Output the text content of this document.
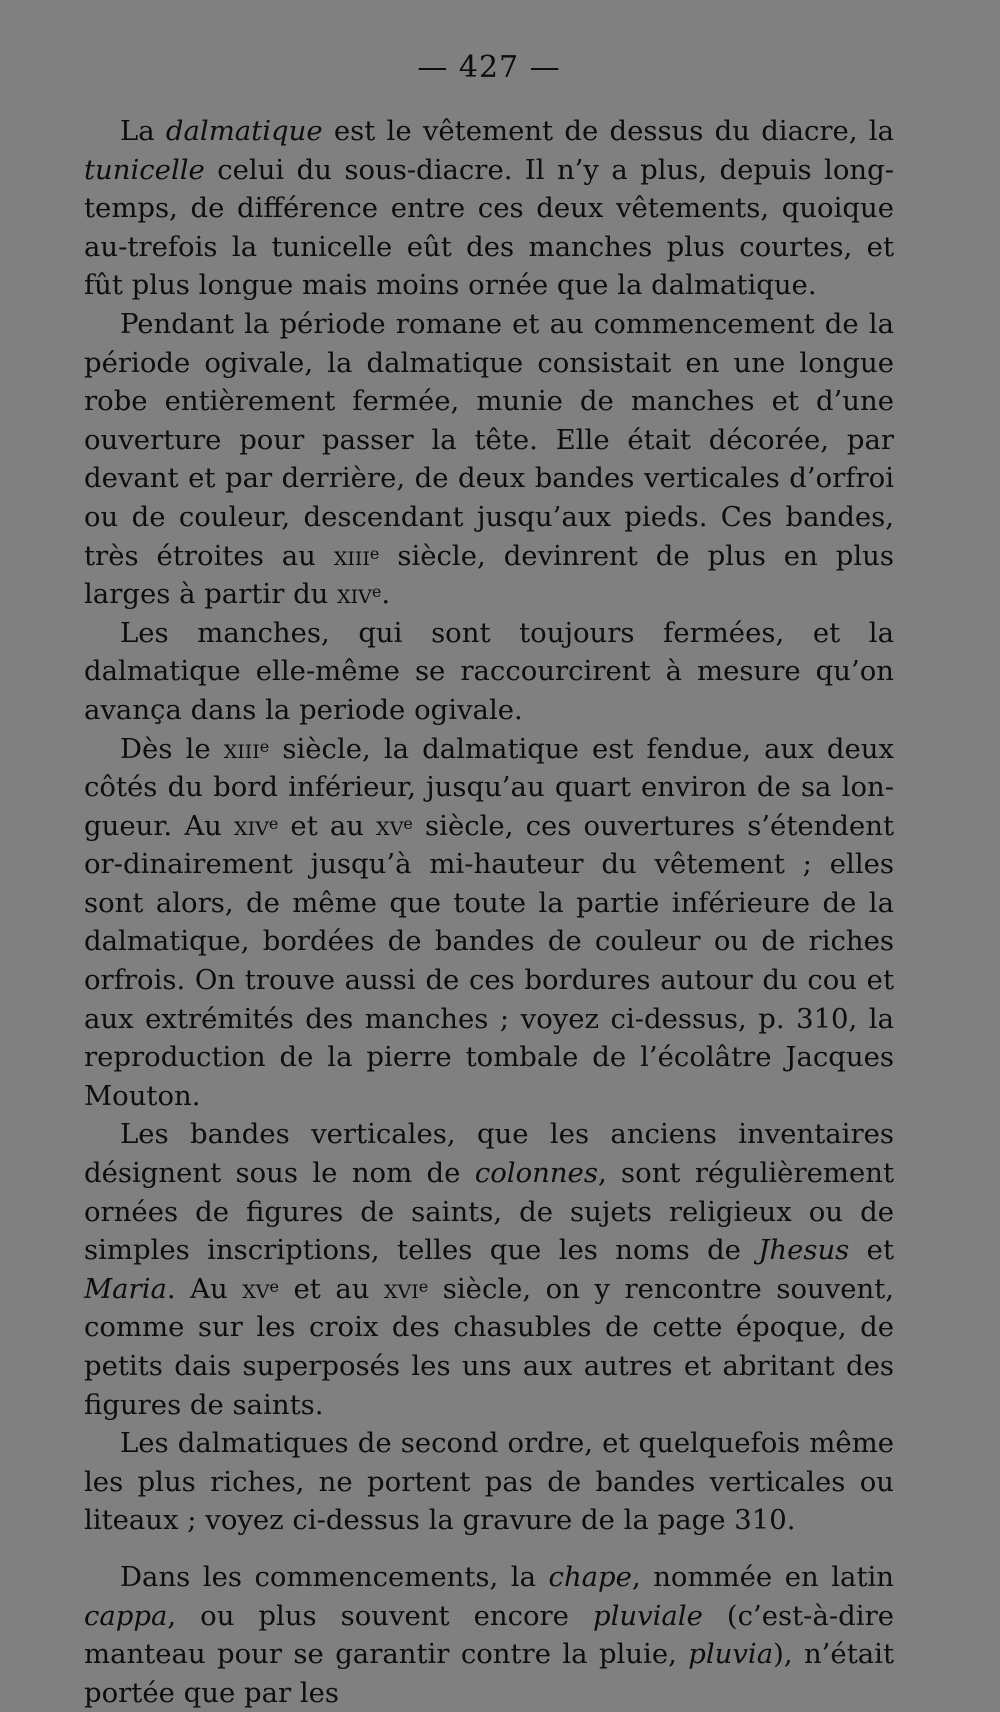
— 427 —

La dalmatique est le vêtement de dessus du diacre, la tunicelle celui du sous-diacre. Il n’y a plus, depuis long-temps, de différence entre ces deux vêtements, quoique au-trefois la tunicelle eût des manches plus courtes, et fût plus longue mais moins ornée que la dalmatique.

Pendant la période romane et au commencement de la période ogivale, la dalmatique consistait en une longue robe entièrement fermée, munie de manches et d’une ouverture pour passer la tête. Elle était décorée, par devant et par derrière, de deux bandes verticales d’orfroi ou de couleur, descendant jusqu’aux pieds. Ces bandes, très étroites au xiii$^e$ siècle, devinrent de plus en plus larges à partir du xiv$^e$.

Les manches, qui sont toujours fermées, et la dalmatique elle-même se raccourcirent à mesure qu’on avança dans la periode ogivale.

Dès le xiii$^e$ siècle, la dalmatique est fendue, aux deux côtés du bord inférieur, jusqu’au quart environ de sa lon-gueur. Au xiv$^e$ et au $xv^e$ siècle, ces ouvertures s’étendent or-dinairement jusqu’à mi-hauteur du vêtement ; elles sont alors, de même que toute la partie inférieure de la dalmatique, bordées de bandes de couleur ou de riches orfrois. On trouve aussi de ces bordures autour du cou et aux extrémités des manches ; voyez ci-dessus, p. 310, la reproduction de la pierre tombale de l’écolâtre Jacques Mouton.

Les bandes verticales, que les anciens inventaires désignent sous le nom de colonnes, sont régulièrement ornées de figures de saints, de sujets religieux ou de simples inscriptions, telles que les noms de Jhesus et Maria. Au $xv^e$ et au xvi$^e$ siècle, on y rencontre souvent, comme sur les croix des chasubles de cette époque, de petits dais superposés les uns aux autres et abritant des figures de saints.

Les dalmatiques de second ordre, et quelquefois même les plus riches, ne portent pas de bandes verticales ou liteaux ; voyez ci-dessus la gravure de la page 310.

Dans les commencements, la chape, nommée en latin cappa, ou plus souvent encore pluviale (c’est-à-dire manteau pour se garantir contre la pluie, pluvia), n’était portée que par les
